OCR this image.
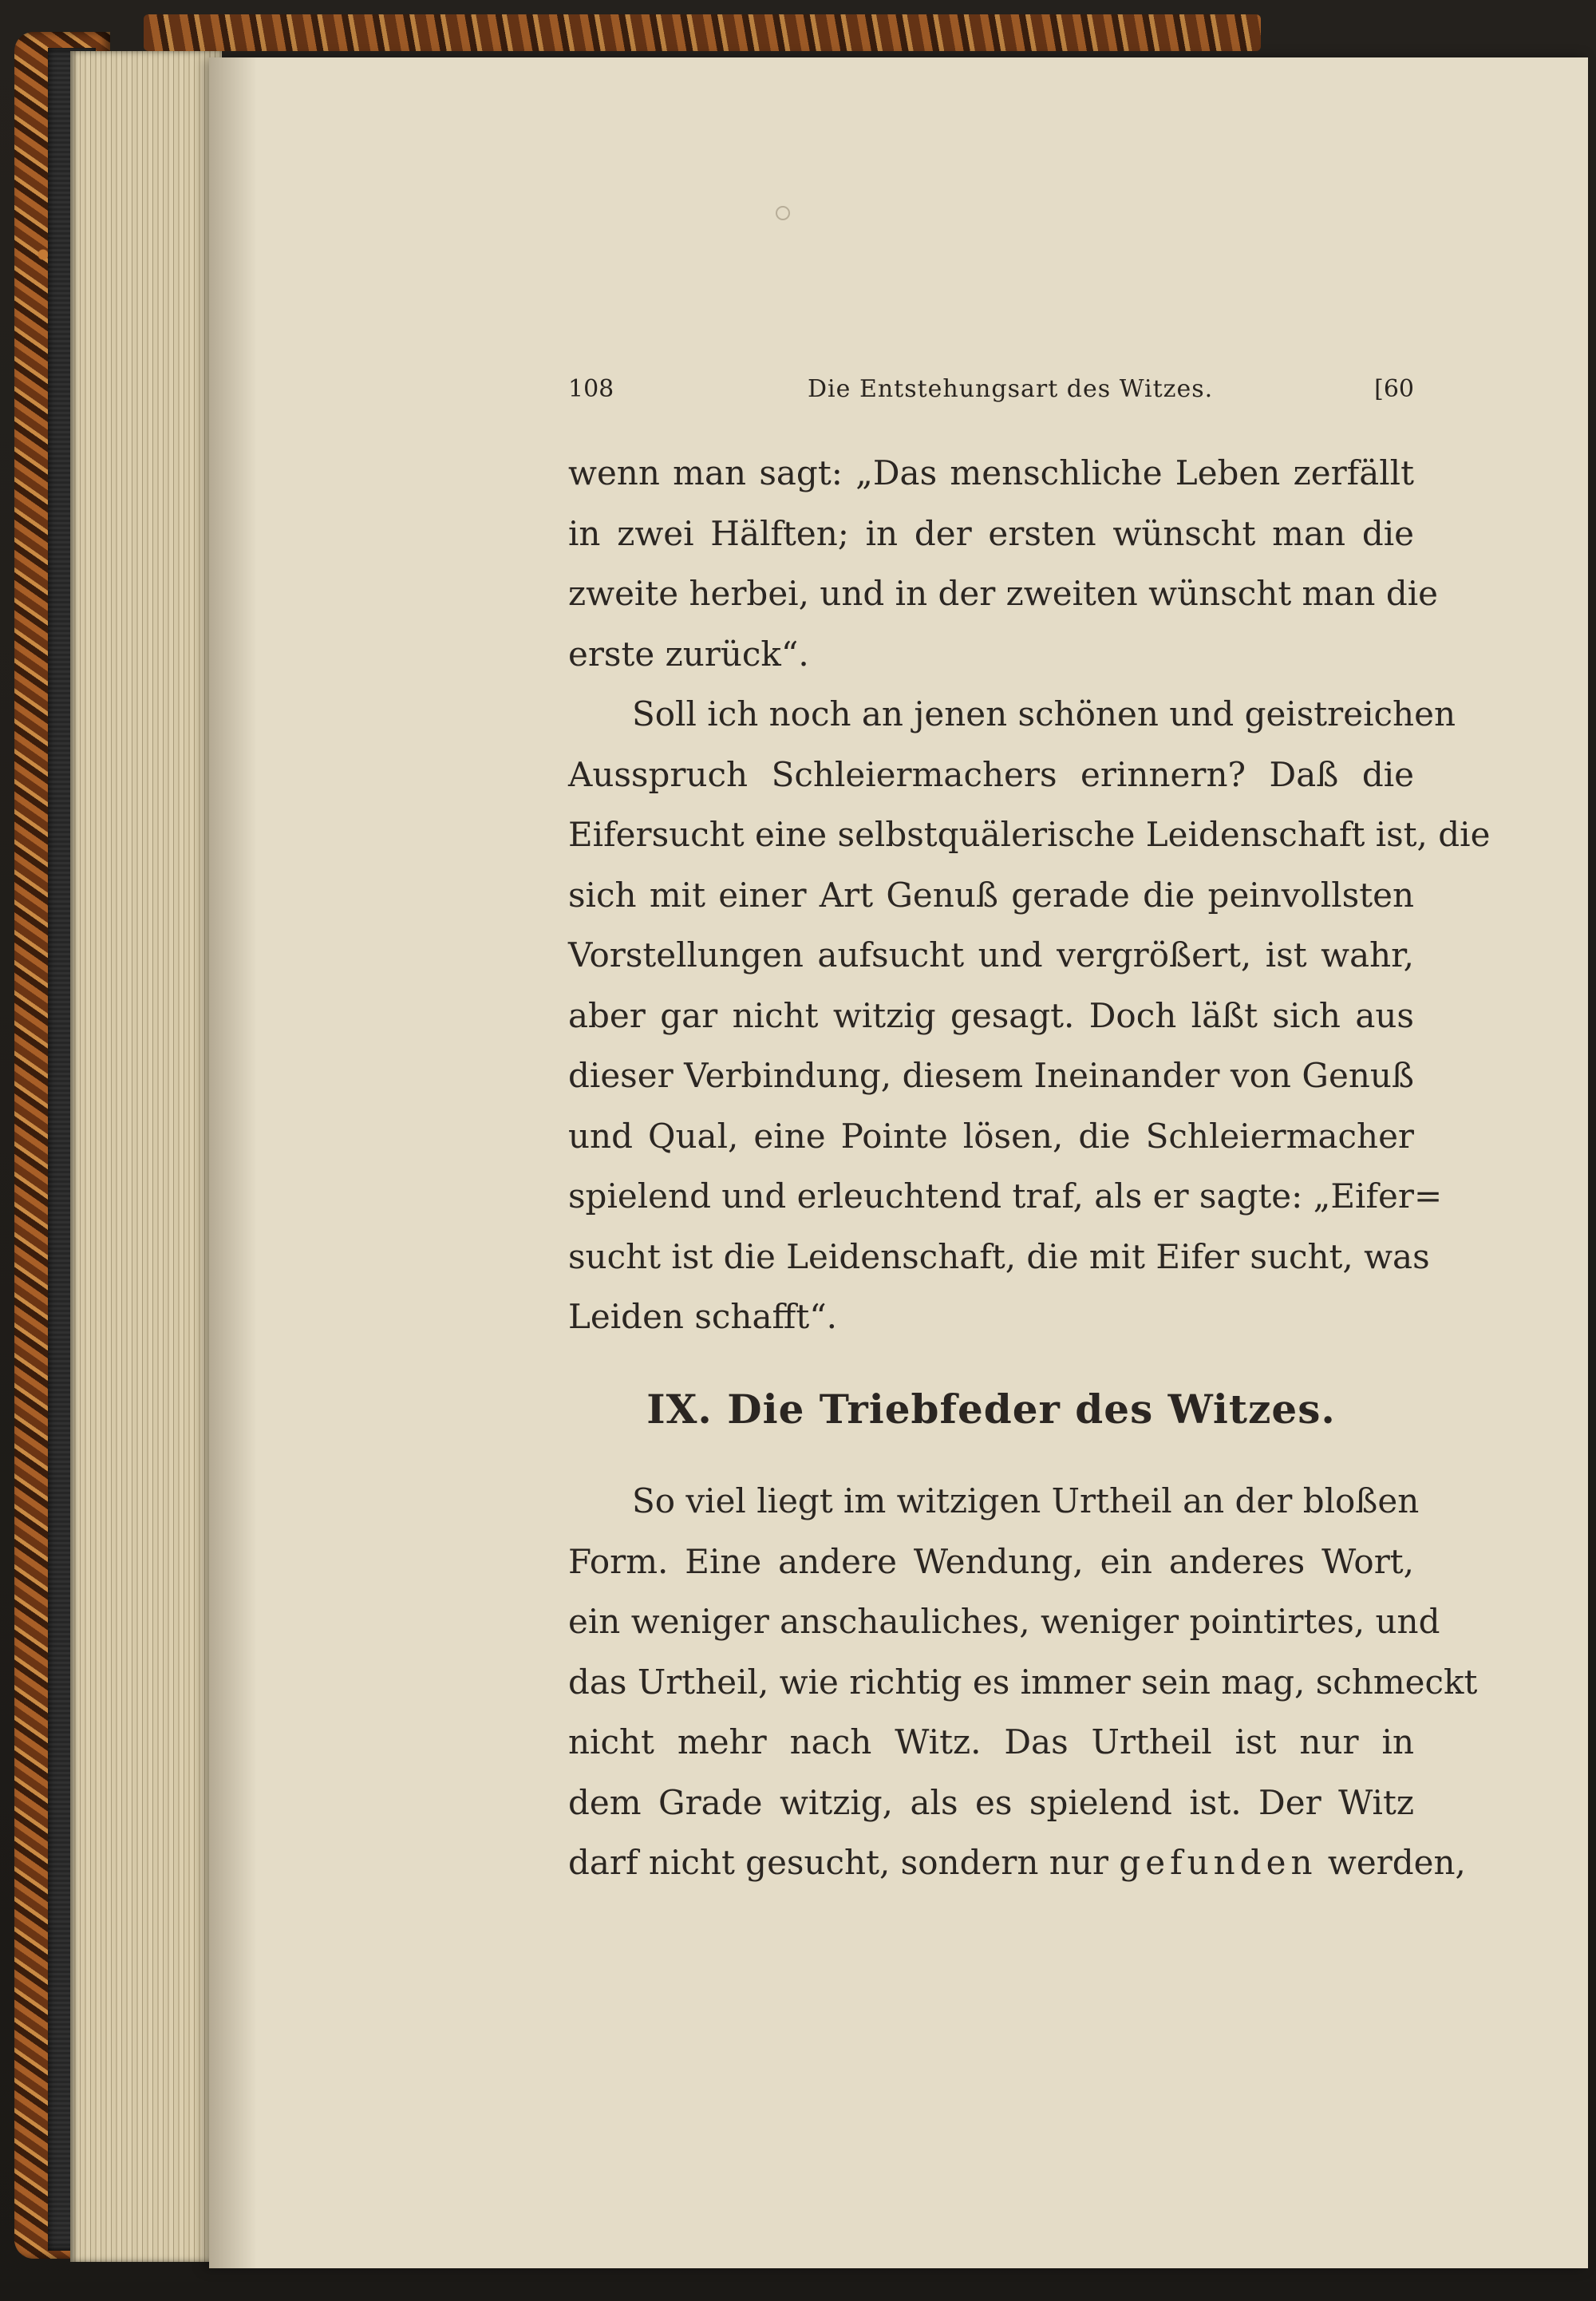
108	Die Entstehungsart des Witzes.	[60
wenn man sagt: „Das menschliche Leben zerfällt
in zwei Hälften; in der ersten wünscht man die
zweite herbei, und in der zweiten wünscht man die
erste zurück“.
Soll ich noch an jenen schönen und geistreichen
Ausspruch Schleiermachers erinnern? Daß die
Eifersucht eine selbstquälerische Leidenschaft ist, die
sich mit einer Art Genuß gerade die peinvollsten
Vorstellungen aufsucht und vergrößert, ist wahr,
aber gar nicht witzig gesagt. Doch läßt sich aus
dieser Verbindung, diesem Ineinander von Genuß
und Qual, eine Pointe lösen, die Schleiermacher
spielend und erleuchtend traf, als er sagte: „Eifer=
sucht ist die Leidenschaft, die mit Eifer sucht, was
Leiden schafft“.
IX. Die Triebfeder des Witzes.
So viel liegt im witzigen Urtheil an der bloßen
Form. Eine andere Wendung, ein anderes Wort,
ein weniger anschauliches, weniger pointirtes, und
das Urtheil, wie richtig es immer sein mag, schmeckt
nicht mehr nach Witz. Das Urtheil ist nur in
dem Grade witzig, als es spielend ist. Der Witz
darf nicht gesucht, sondern nur gefunden werden,
